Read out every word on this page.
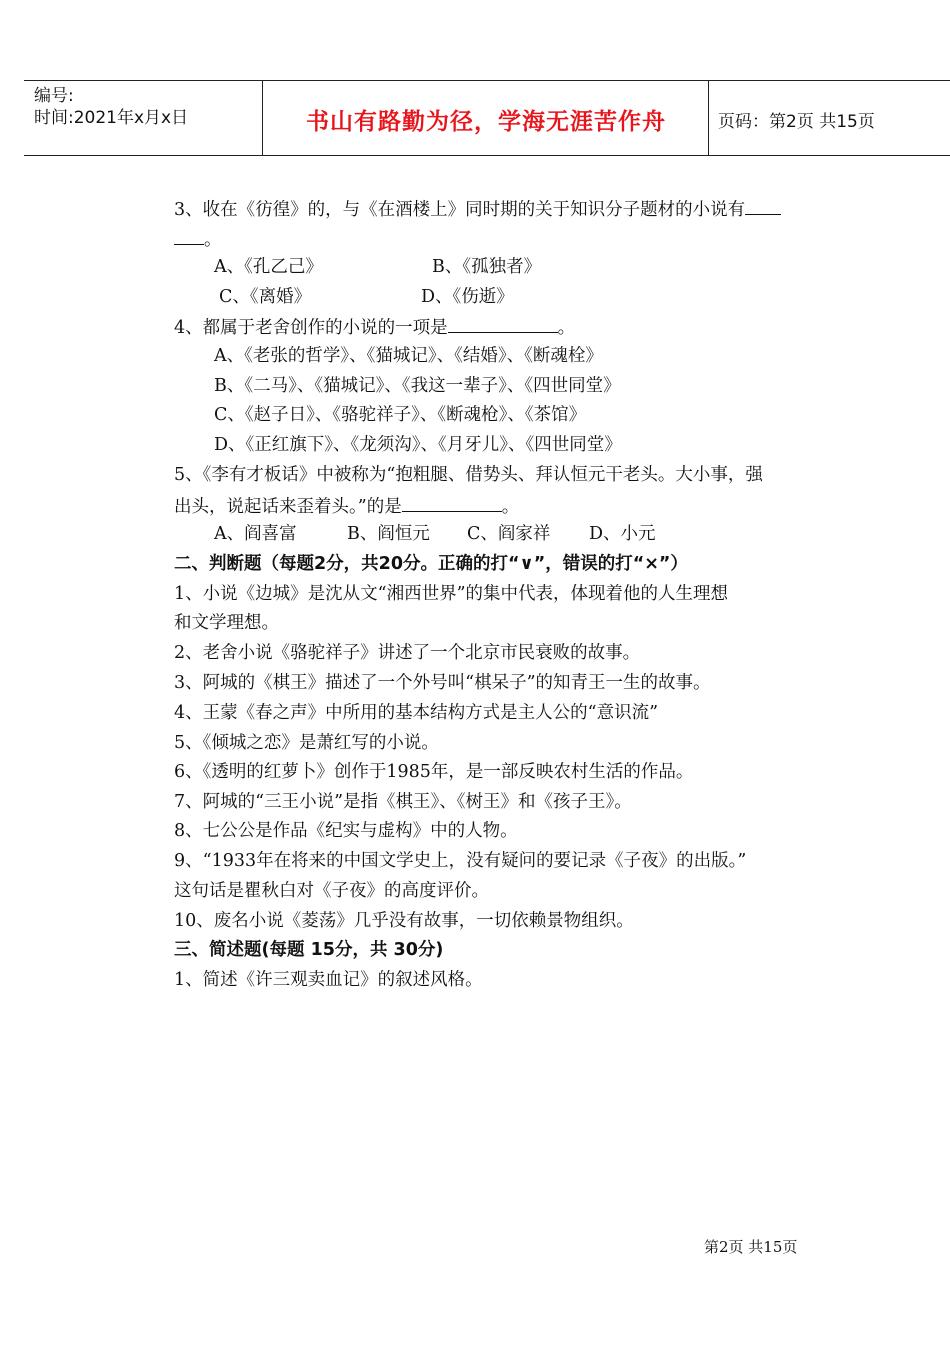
编号:
时间:2021年x月x日	书山有路勤为径，学海无涯苦作舟	页码：第2页 共15页
3、收在《彷徨》的，与《在酒楼上》同时期的关于知识分子题材的小说有
。
A、《孔乙己》	B、《孤独者》
C、《离婚》	D、《伤逝》
4、都属于老舍创作的小说的一项是	。
A、《老张的哲学》、《猫城记》、《结婚》、《断魂栓》
B、《二马》、《猫城记》、《我这一辈子》、《四世同堂》
C、《赵子日》、《骆驼祥子》、《断魂枪》、《茶馆》
D、《正红旗下》、《龙须沟》、《月牙儿》、《四世同堂》
5、《李有才板话》中被称为“抱粗腿、借势头、拜认恒元干老头。大小事，强
出头，说起话来歪着头。”的是	。
A、阎喜富	B、阎恒元 C、阎家祥 D、小元
二、判断题（每题2分，共20分。正确的打“∨”，错误的打“×”）
1、小说《边城》是沈从文“湘西世界”的集中代表，体现着他的人生理想
和文学理想。
2、老舍小说《骆驼祥子》讲述了一个北京市民衰败的故事。
3、阿城的《棋王》描述了一个外号叫“棋呆子”的知青王一生的故事。
4、王蒙《春之声》中所用的基本结构方式是主人公的“意识流”
5、《倾城之恋》是萧红写的小说。
6、《透明的红萝卜》创作于1985年，是一部反映农村生活的作品。
7、阿城的“三王小说”是指《棋王》、《树王》和《孩子王》。
8、七公公是作品《纪实与虚构》中的人物。
9、“1933年在将来的中国文学史上，没有疑问的要记录《子夜》的出版。”
这句话是瞿秋白对《子夜》的高度评价。
10、废名小说《菱荡》几乎没有故事，一切依赖景物组织。
三、简述题(每题 15分，共 30分)
1、简述《许三观卖血记》的叙述风格。
第2页 共15页
